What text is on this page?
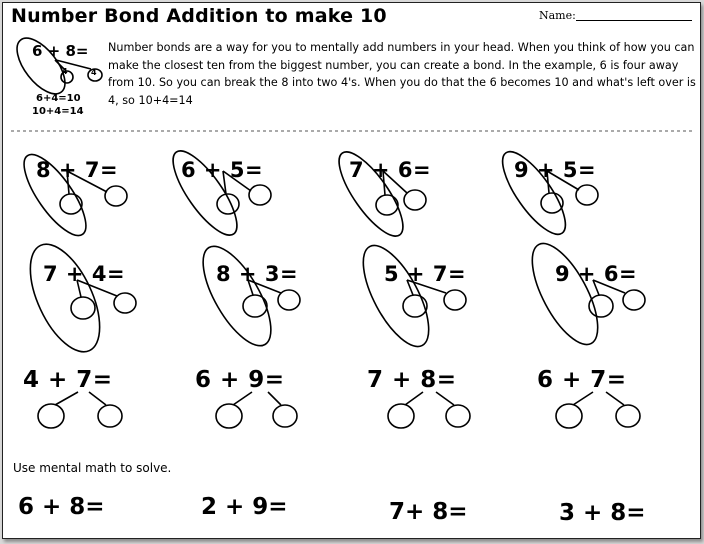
Number Bond Addition to make 10	Name:
6 + 8=
4	4
6+4=10
10+4=14
Number bonds are a way for you to mentally add numbers in your head. When you think of how you can make the closest ten from the biggest number, you can create a bond. In the example, 6 is four away from 10. So you can break the 8 into two 4's. When you do that the 6 becomes 10 and what's left over is 4, so 10+4=14
8 + 7=	6 + 5=	7 + 6=	9 + 5=
7 + 4=	8 + 3=	5 + 7=	9 + 6=
4 + 7=	6 + 9=	7 + 8=	6 + 7=
Use mental math to solve.
6 + 8=	2 + 9=	7+ 8=	3 + 8=
